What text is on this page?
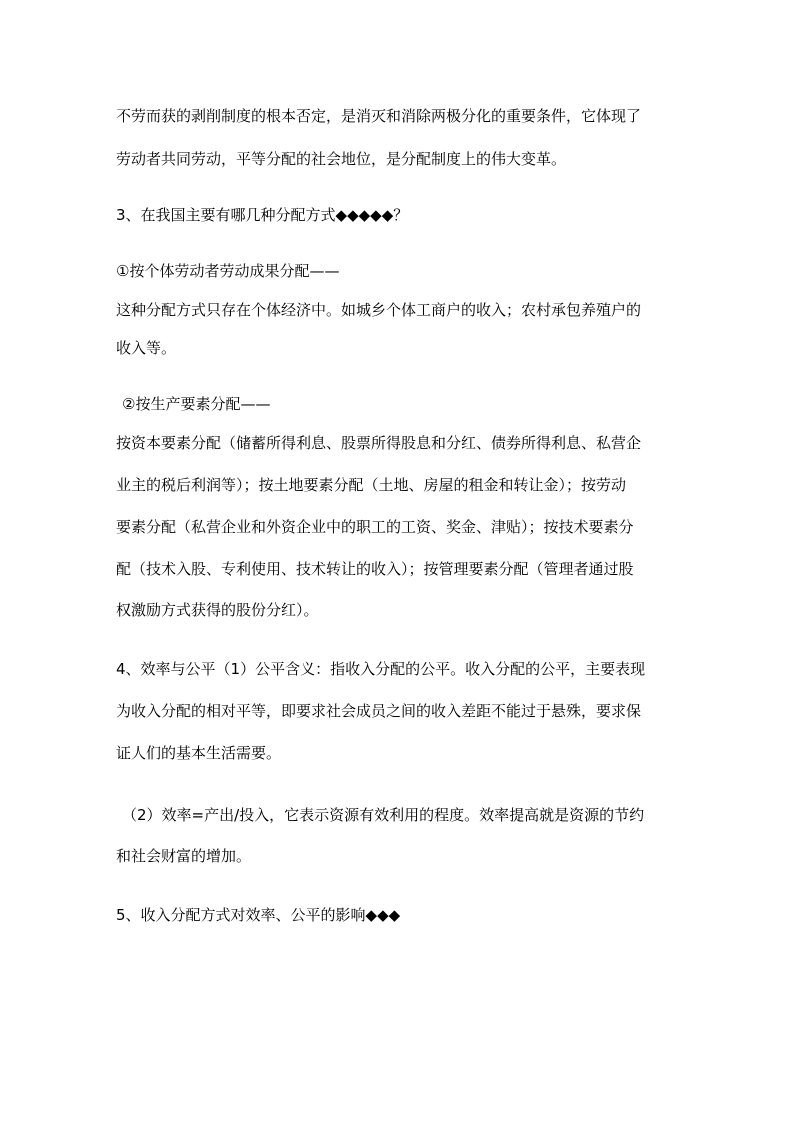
不劳而获的剥削制度的根本否定，是消灭和消除两极分化的重要条件，它体现了
劳动者共同劳动，平等分配的社会地位，是分配制度上的伟大变革。
3、在我国主要有哪几种分配方式◆◆◆◆◆？
①按个体劳动者劳动成果分配——
这种分配方式只存在个体经济中。如城乡个体工商户的收入；农村承包养殖户的
收入等。
②按生产要素分配——
按资本要素分配（储蓄所得利息、股票所得股息和分红、债券所得利息、私营企
业主的税后利润等）；按土地要素分配（土地、房屋的租金和转让金）；按劳动
要素分配（私营企业和外资企业中的职工的工资、奖金、津贴）；按技术要素分
配（技术入股、专利使用、技术转让的收入）；按管理要素分配（管理者通过股
权激励方式获得的股份分红）。
4、效率与公平（1）公平含义：指收入分配的公平。收入分配的公平，主要表现
为收入分配的相对平等，即要求社会成员之间的收入差距不能过于悬殊，要求保
证人们的基本生活需要。
（2）效率=产出/投入，它表示资源有效利用的程度。效率提高就是资源的节约
和社会财富的增加。
5、收入分配方式对效率、公平的影响◆◆◆
